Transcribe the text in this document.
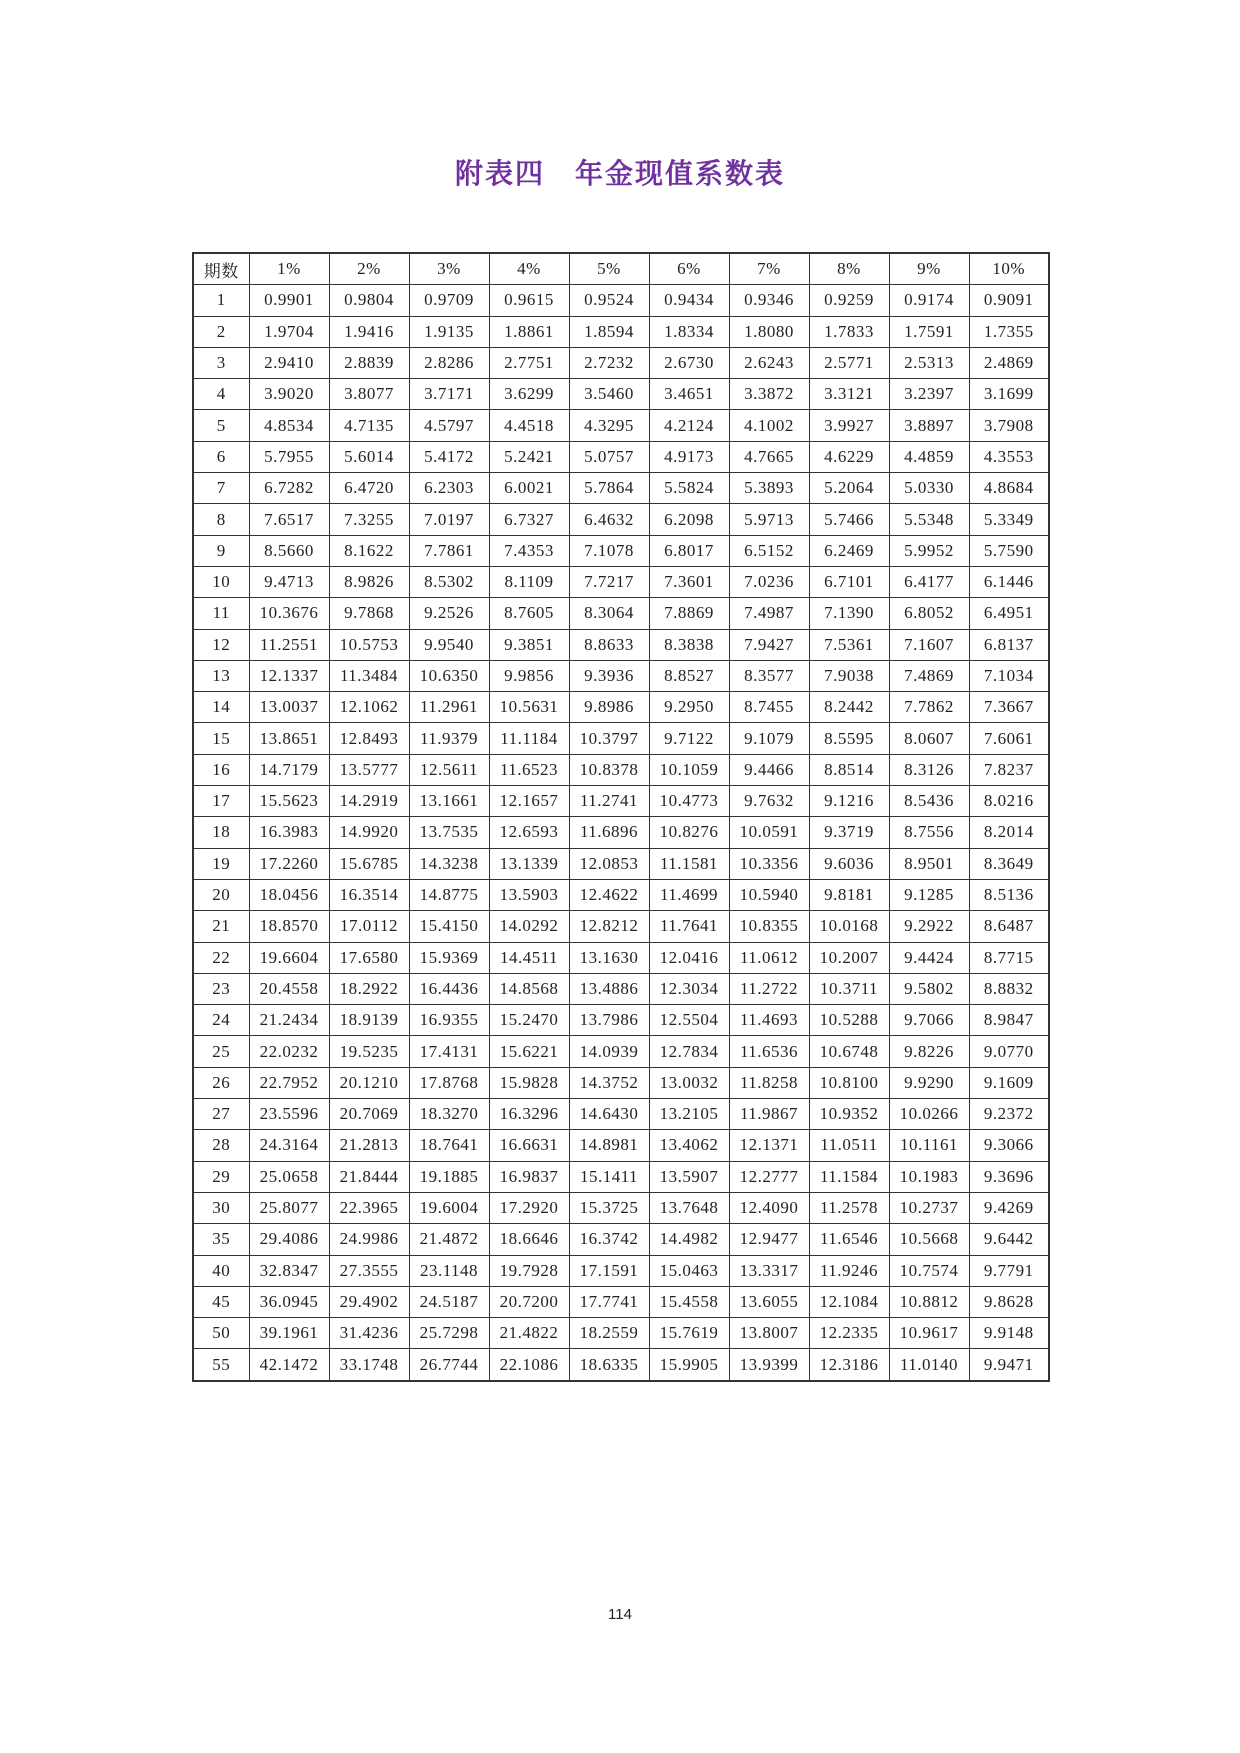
附表四　年金现值系数表
期数	1%	2%	3%	4%	5%	6%	7%	8%	9%	10%
1	0.9901	0.9804	0.9709	0.9615	0.9524	0.9434	0.9346	0.9259	0.9174	0.9091
2	1.9704	1.9416	1.9135	1.8861	1.8594	1.8334	1.8080	1.7833	1.7591	1.7355
3	2.9410	2.8839	2.8286	2.7751	2.7232	2.6730	2.6243	2.5771	2.5313	2.4869
4	3.9020	3.8077	3.7171	3.6299	3.5460	3.4651	3.3872	3.3121	3.2397	3.1699
5	4.8534	4.7135	4.5797	4.4518	4.3295	4.2124	4.1002	3.9927	3.8897	3.7908
6	5.7955	5.6014	5.4172	5.2421	5.0757	4.9173	4.7665	4.6229	4.4859	4.3553
7	6.7282	6.4720	6.2303	6.0021	5.7864	5.5824	5.3893	5.2064	5.0330	4.8684
8	7.6517	7.3255	7.0197	6.7327	6.4632	6.2098	5.9713	5.7466	5.5348	5.3349
9	8.5660	8.1622	7.7861	7.4353	7.1078	6.8017	6.5152	6.2469	5.9952	5.7590
10	9.4713	8.9826	8.5302	8.1109	7.7217	7.3601	7.0236	6.7101	6.4177	6.1446
11	10.3676	9.7868	9.2526	8.7605	8.3064	7.8869	7.4987	7.1390	6.8052	6.4951
12	11.2551	10.5753	9.9540	9.3851	8.8633	8.3838	7.9427	7.5361	7.1607	6.8137
13	12.1337	11.3484	10.6350	9.9856	9.3936	8.8527	8.3577	7.9038	7.4869	7.1034
14	13.0037	12.1062	11.2961	10.5631	9.8986	9.2950	8.7455	8.2442	7.7862	7.3667
15	13.8651	12.8493	11.9379	11.1184	10.3797	9.7122	9.1079	8.5595	8.0607	7.6061
16	14.7179	13.5777	12.5611	11.6523	10.8378	10.1059	9.4466	8.8514	8.3126	7.8237
17	15.5623	14.2919	13.1661	12.1657	11.2741	10.4773	9.7632	9.1216	8.5436	8.0216
18	16.3983	14.9920	13.7535	12.6593	11.6896	10.8276	10.0591	9.3719	8.7556	8.2014
19	17.2260	15.6785	14.3238	13.1339	12.0853	11.1581	10.3356	9.6036	8.9501	8.3649
20	18.0456	16.3514	14.8775	13.5903	12.4622	11.4699	10.5940	9.8181	9.1285	8.5136
21	18.8570	17.0112	15.4150	14.0292	12.8212	11.7641	10.8355	10.0168	9.2922	8.6487
22	19.6604	17.6580	15.9369	14.4511	13.1630	12.0416	11.0612	10.2007	9.4424	8.7715
23	20.4558	18.2922	16.4436	14.8568	13.4886	12.3034	11.2722	10.3711	9.5802	8.8832
24	21.2434	18.9139	16.9355	15.2470	13.7986	12.5504	11.4693	10.5288	9.7066	8.9847
25	22.0232	19.5235	17.4131	15.6221	14.0939	12.7834	11.6536	10.6748	9.8226	9.0770
26	22.7952	20.1210	17.8768	15.9828	14.3752	13.0032	11.8258	10.8100	9.9290	9.1609
27	23.5596	20.7069	18.3270	16.3296	14.6430	13.2105	11.9867	10.9352	10.0266	9.2372
28	24.3164	21.2813	18.7641	16.6631	14.8981	13.4062	12.1371	11.0511	10.1161	9.3066
29	25.0658	21.8444	19.1885	16.9837	15.1411	13.5907	12.2777	11.1584	10.1983	9.3696
30	25.8077	22.3965	19.6004	17.2920	15.3725	13.7648	12.4090	11.2578	10.2737	9.4269
35	29.4086	24.9986	21.4872	18.6646	16.3742	14.4982	12.9477	11.6546	10.5668	9.6442
40	32.8347	27.3555	23.1148	19.7928	17.1591	15.0463	13.3317	11.9246	10.7574	9.7791
45	36.0945	29.4902	24.5187	20.7200	17.7741	15.4558	13.6055	12.1084	10.8812	9.8628
50	39.1961	31.4236	25.7298	21.4822	18.2559	15.7619	13.8007	12.2335	10.9617	9.9148
55	42.1472	33.1748	26.7744	22.1086	18.6335	15.9905	13.9399	12.3186	11.0140	9.9471
114
